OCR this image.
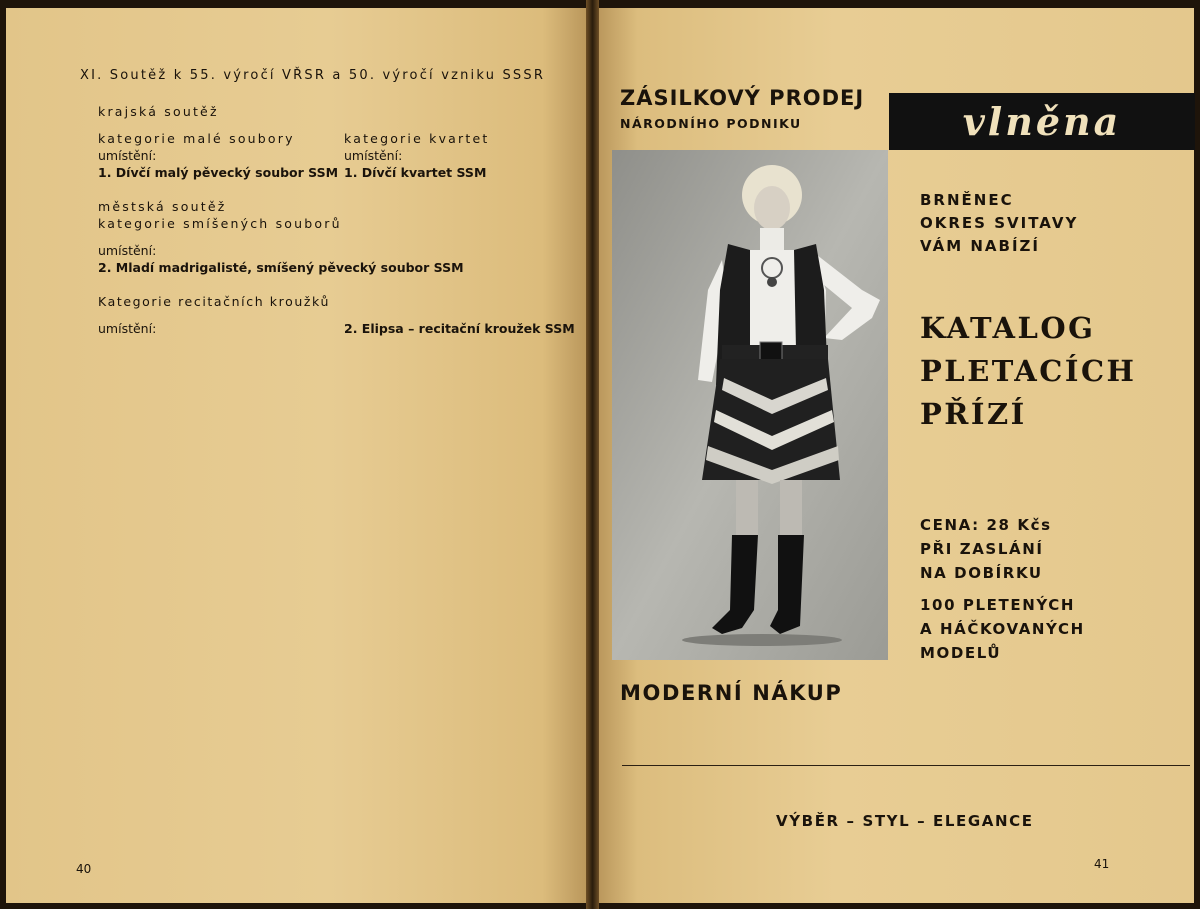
XI. Soutěž k 55. výročí VŘSR a 50. výročí vzniku SSSR
krajská soutěž
kategorie malé soubory	kategorie kvartet
umístění:	umístění:
1. Dívčí malý pěvecký soubor SSM 1. Dívčí kvartet SSM
městská soutěž
kategorie smíšených souborů
umístění:
2. Mladí madrigalisté, smíšený pěvecký soubor SSM
Kategorie recitačních kroužků
umístění:	2. Elipsa – recitační kroužek SSM
40
ZÁSILKOVÝ PRODEJ
NÁRODNÍHO PODNIKU	vlněna
BRNĚNEC
OKRES SVITAVY
VÁM NABÍZÍ
KATALOG
PLETACÍCH
PŘÍZÍ
CENA: 28 Kčs
PŘI ZASLÁNÍ
NA DOBÍRKU
100 PLETENÝCH
A HÁČKOVANÝCH
MODELŮ
MODERNÍ NÁKUP
VÝBĚR – STYL – ELEGANCE
41
